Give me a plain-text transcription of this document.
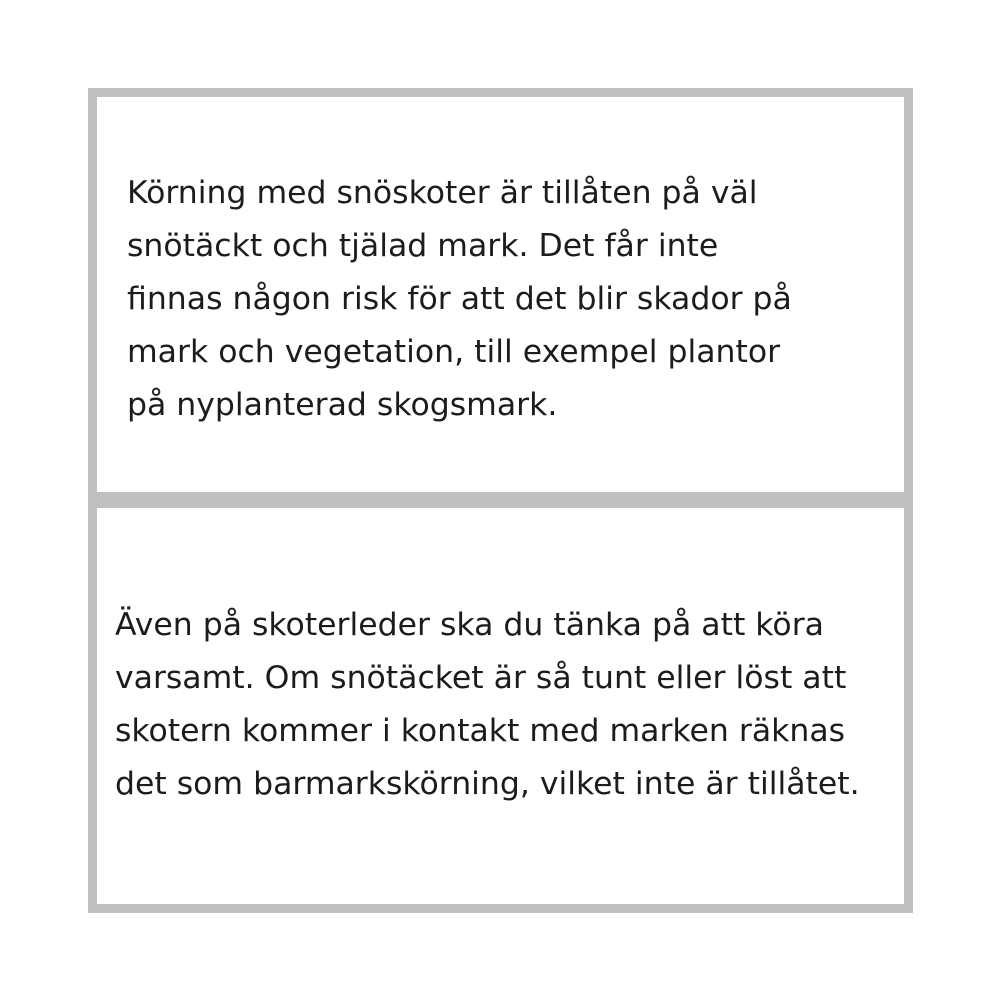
Körning med snöskoter är tillåten på väl
snötäckt och tjälad mark. Det får inte
finnas någon risk för att det blir skador på
mark och vegetation, till exempel plantor
på nyplanterad skogsmark.

Även på skoterleder ska du tänka på att köra
varsamt. Om snötäcket är så tunt eller löst att
skotern kommer i kontakt med marken räknas
det som barmarkskörning, vilket inte är tillåtet.
